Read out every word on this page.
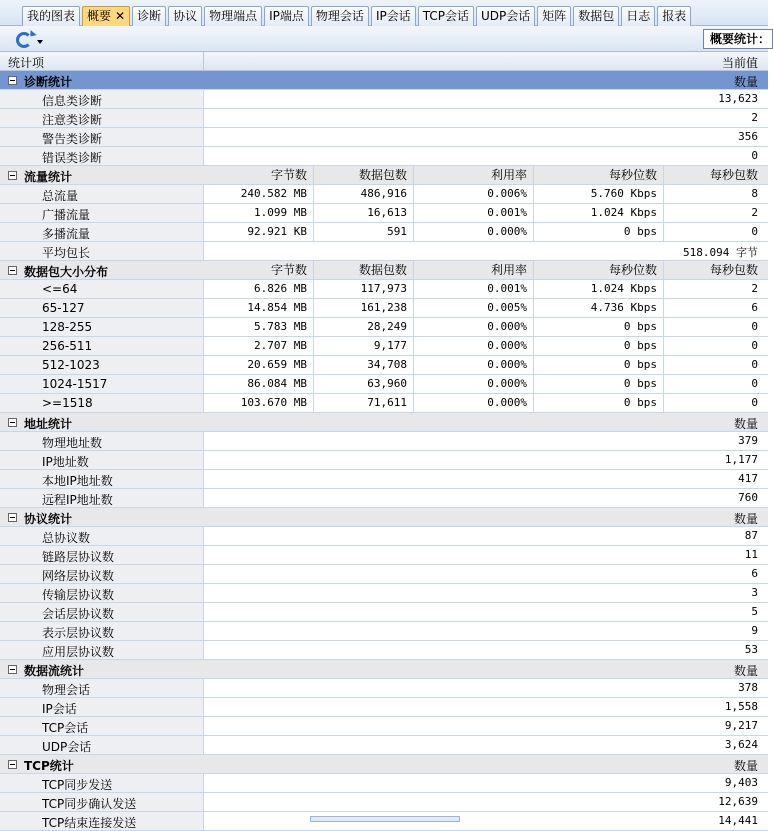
我的图表	概要 ✕	诊断	协议	物理端点	IP端点	物理会话	IP会话	TCP会话	UDP会话	矩阵	数据包	日志	报表
概要统计：
统计项	当前值
诊断统计	数量
信息类诊断	13,623
注意类诊断	2
警告类诊断	356
错误类诊断	0
流量统计	字节数	数据包数	利用率	每秒位数	每秒包数
总流量	240.582 MB	486,916	0.006%	5.760 Kbps	8
广播流量	1.099 MB	16,613	0.001%	1.024 Kbps	2
多播流量	92.921 KB	591	0.000%	0 bps	0
平均包长	518.094 字节
数据包大小分布	字节数	数据包数	利用率	每秒位数	每秒包数
<=64	6.826 MB	117,973	0.001%	1.024 Kbps	2
65-127	14.854 MB	161,238	0.005%	4.736 Kbps	6
128-255	5.783 MB	28,249	0.000%	0 bps	0
256-511	2.707 MB	9,177	0.000%	0 bps	0
512-1023	20.659 MB	34,708	0.000%	0 bps	0
1024-1517	86.084 MB	63,960	0.000%	0 bps	0
>=1518	103.670 MB	71,611	0.000%	0 bps	0
地址统计	数量
物理地址数	379
IP地址数	1,177
本地IP地址数	417
远程IP地址数	760
协议统计	数量
总协议数	87
链路层协议数	11
网络层协议数	6
传输层协议数	3
会话层协议数	5
表示层协议数	9
应用层协议数	53
数据流统计	数量
物理会话	378
IP会话	1,558
TCP会话	9,217
UDP会话	3,624
TCP统计	数量
TCP同步发送	9,403
TCP同步确认发送	12,639
TCP结束连接发送	14,441
